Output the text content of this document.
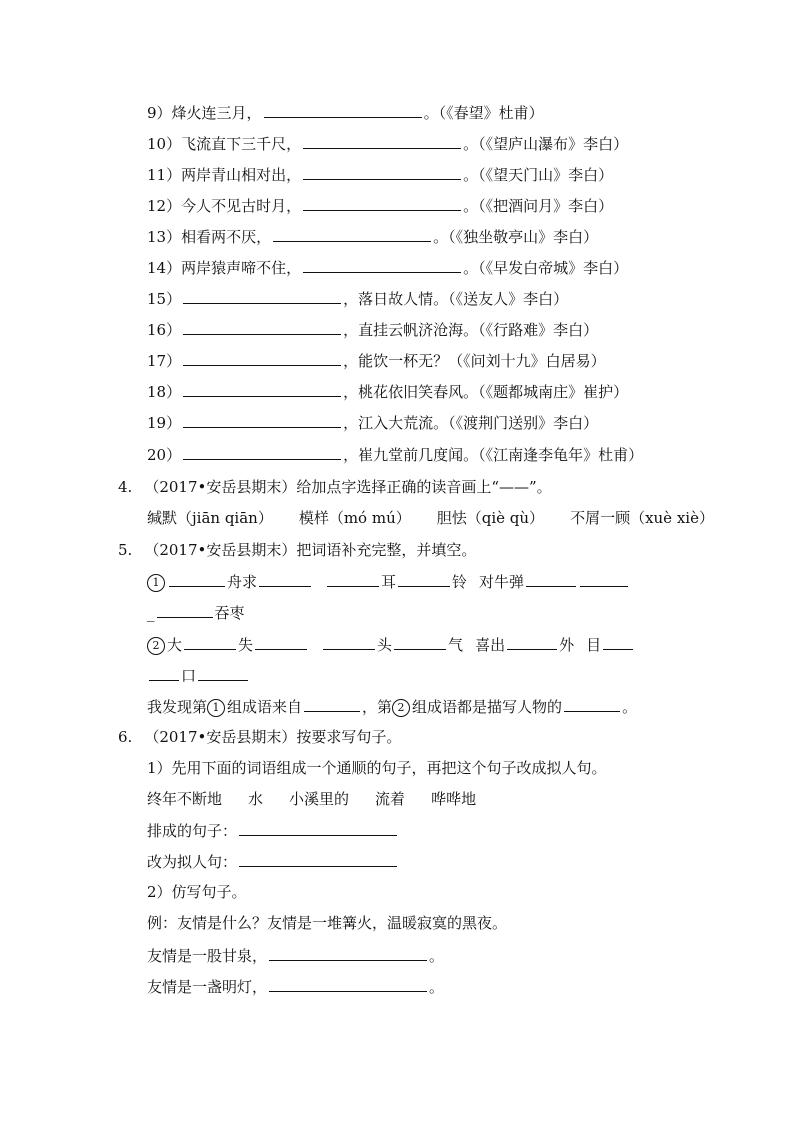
9）烽火连三月，	。（《春望》杜甫）
10）飞流直下三千尺，	。（《望庐山瀑布》李白）
11）两岸青山相对出，	。（《望天门山》李白）
12）今人不见古时月，	。（《把酒问月》李白）
13）相看两不厌，	。（《独坐敬亭山》李白）
14）两岸猿声啼不住，	。（《早发白帝城》李白）
15）	，落日故人情。（《送友人》李白）
16）	，直挂云帆济沧海。（《行路难》李白）
17）	，能饮一杯无？（《问刘十九》白居易）
18）	，桃花依旧笑春风。（《题都城南庄》崔护）
19）	，江入大荒流。（《渡荆门送别》李白）
20）	，崔九堂前几度闻。（《江南逢李龟年》杜甫）
4. （2017•安岳县期末）给加点字选择正确的读音画上“——”。
缄默（jiān qiān） 模样（mó mú） 胆怯（qiè qù） 不屑一顾（xuè xiè）
5. （2017•安岳县期末）把词语补充完整，并填空。
1	舟求	耳	铃 对牛弹
_	吞枣
2 大	失	头	气 喜出	外 目
口
我发现第 1 组成语来自	，第 2 组成语都是描写人物的	。
6. （2017•安岳县期末）按要求写句子。
1）先用下面的词语组成一个通顺的句子，再把这个句子改成拟人句。
终年不断地 水 小溪里的 流着 哗哗地
排成的句子：
改为拟人句：
2）仿写句子。
例：友情是什么？友情是一堆篝火，温暖寂寞的黑夜。
友情是一股甘泉，	。
友情是一盏明灯，	。
